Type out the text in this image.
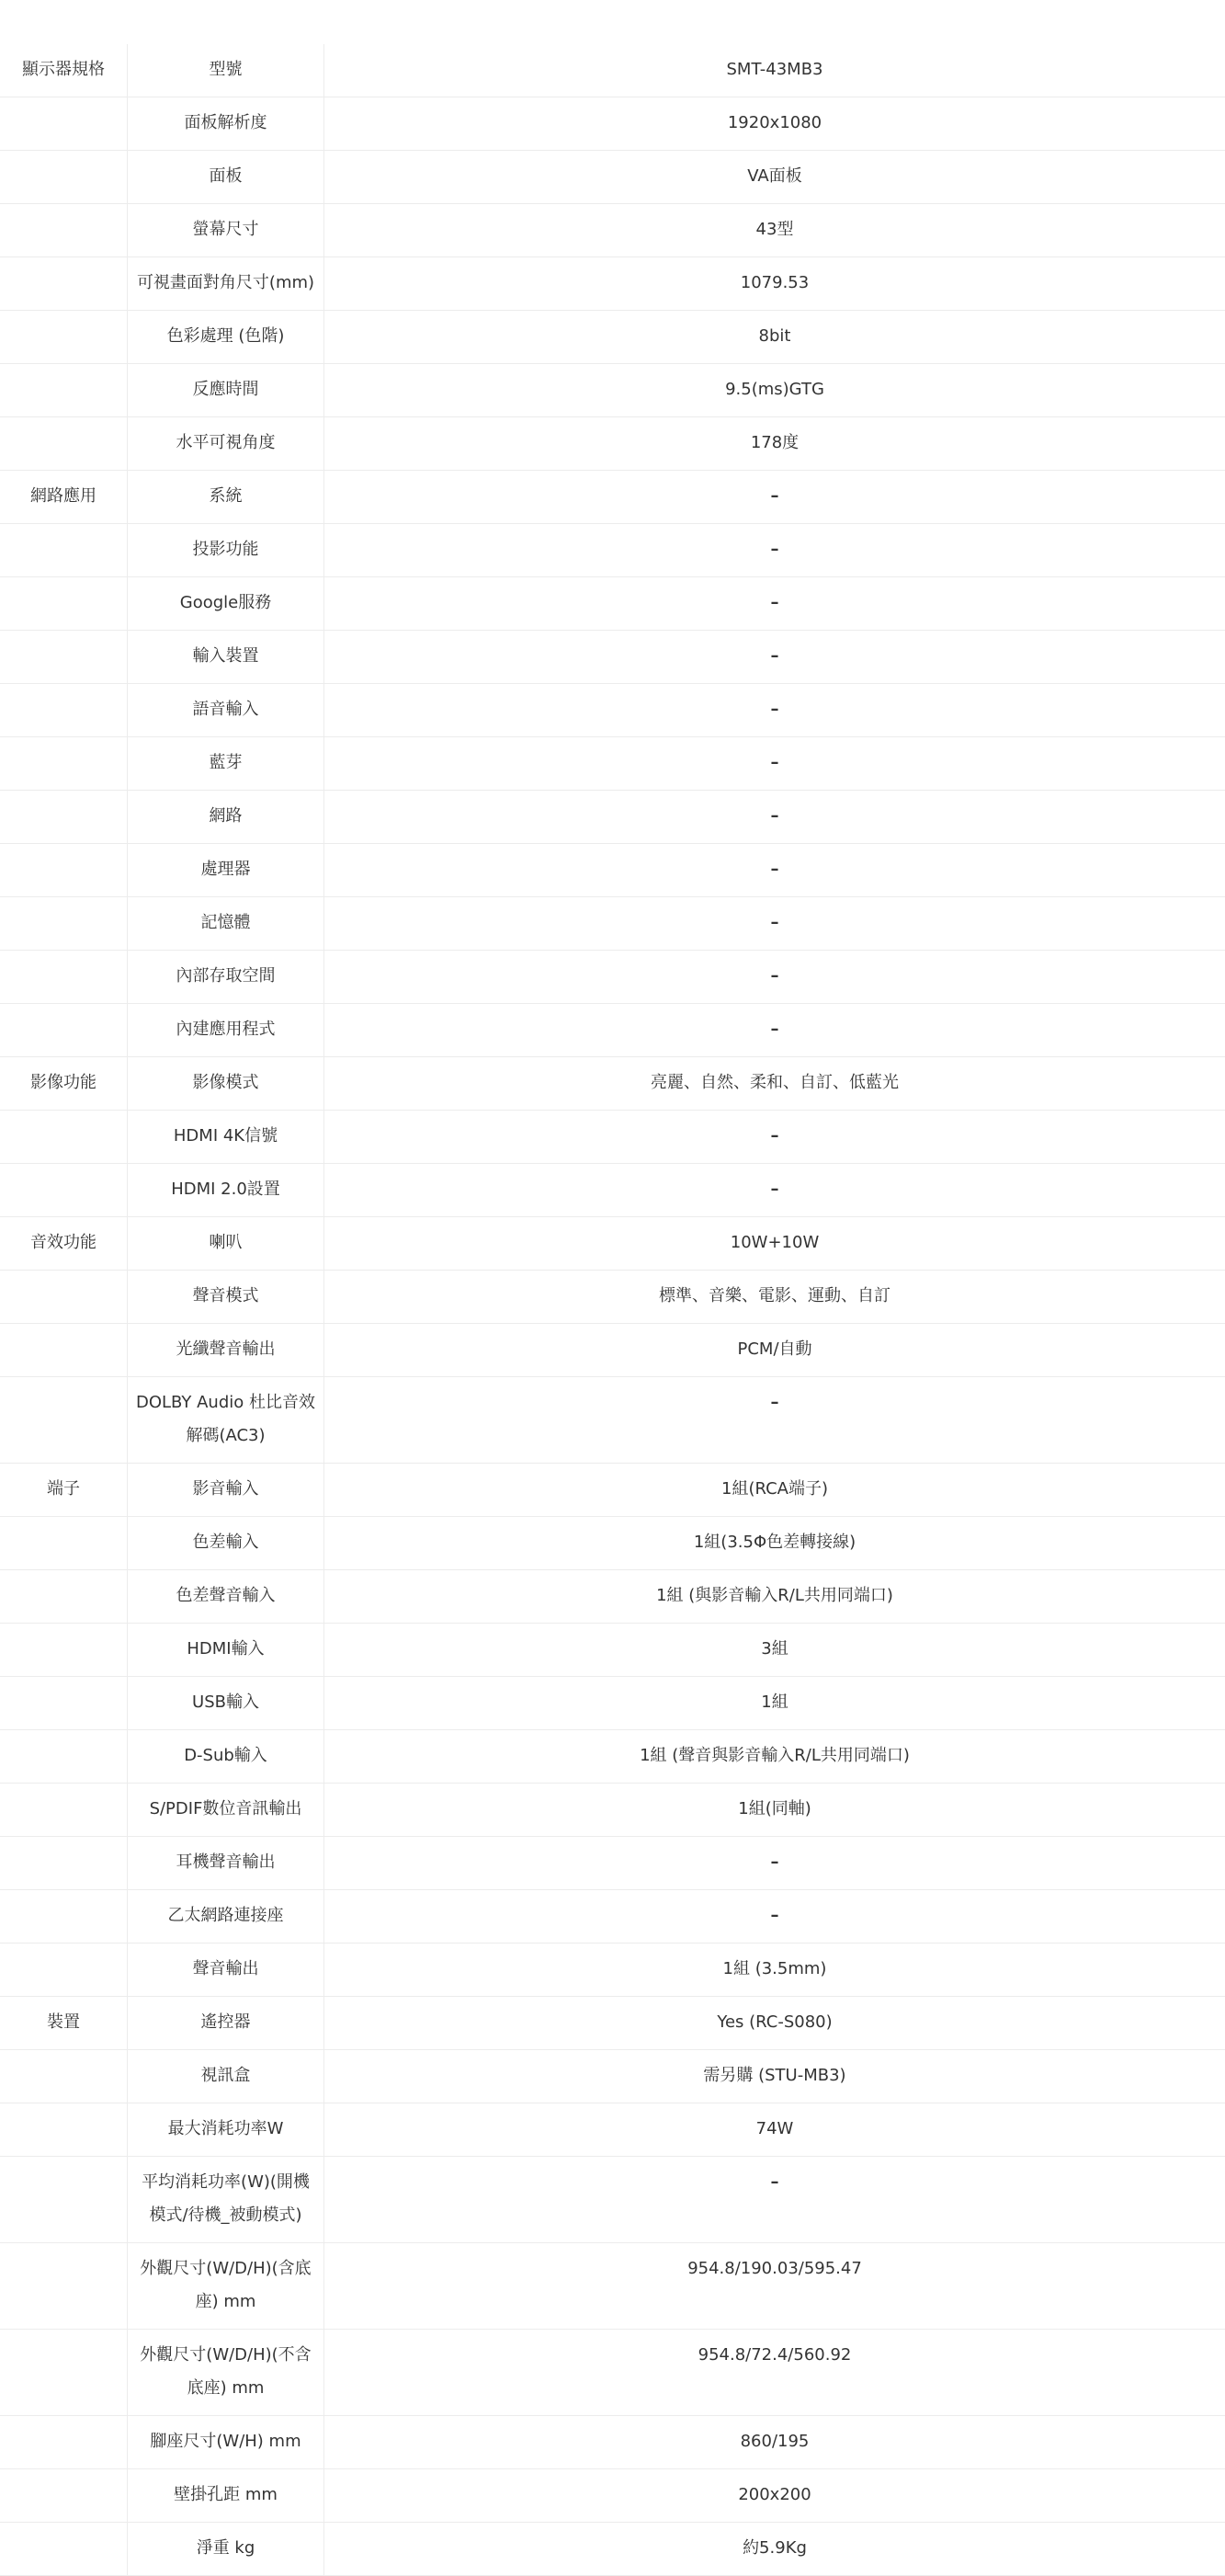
顯示器規格	型號	SMT-43MB3
	面板解析度	1920x1080
	面板	VA面板
	螢幕尺寸	43型
	可視畫面對角尺寸(mm)	1079.53
	色彩處理 (色階)	8bit
	反應時間	9.5(ms)GTG
	水平可視角度	178度
網路應用	系統	–
	投影功能	–
	Google服務	–
	輸入裝置	–
	語音輸入	–
	藍芽	–
	網路	–
	處理器	–
	記憶體	–
	內部存取空間	–
	內建應用程式	–
影像功能	影像模式	亮麗、自然、柔和、自訂、低藍光
	HDMI 4K信號	–
	HDMI 2.0設置	–
音效功能	喇叭	10W+10W
	聲音模式	標準、音樂、電影、運動、自訂
	光纖聲音輸出	PCM/自動
	DOLBY Audio 杜比音效解碼(AC3)	–
端子	影音輸入	1組(RCA端子)
	色差輸入	1組(3.5Φ色差轉接線)
	色差聲音輸入	1組 (與影音輸入R/L共用同端口)
	HDMI輸入	3組
	USB輸入	1組
	D-Sub輸入	1組 (聲音與影音輸入R/L共用同端口)
	S/PDIF數位音訊輸出	1組(同軸)
	耳機聲音輸出	–
	乙太網路連接座	–
	聲音輸出	1組 (3.5mm)
裝置	遙控器	Yes (RC-S080)
	視訊盒	需另購 (STU-MB3)
	最大消耗功率W	74W
	平均消耗功率(W)(開機模式/待機_被動模式)	–
	外觀尺寸(W/D/H)(含底座) mm	954.8/190.03/595.47
	外觀尺寸(W/D/H)(不含底座) mm	954.8/72.4/560.92
	腳座尺寸(W/H) mm	860/195
	壁掛孔距 mm	200x200
	淨重 kg	約5.9Kg
